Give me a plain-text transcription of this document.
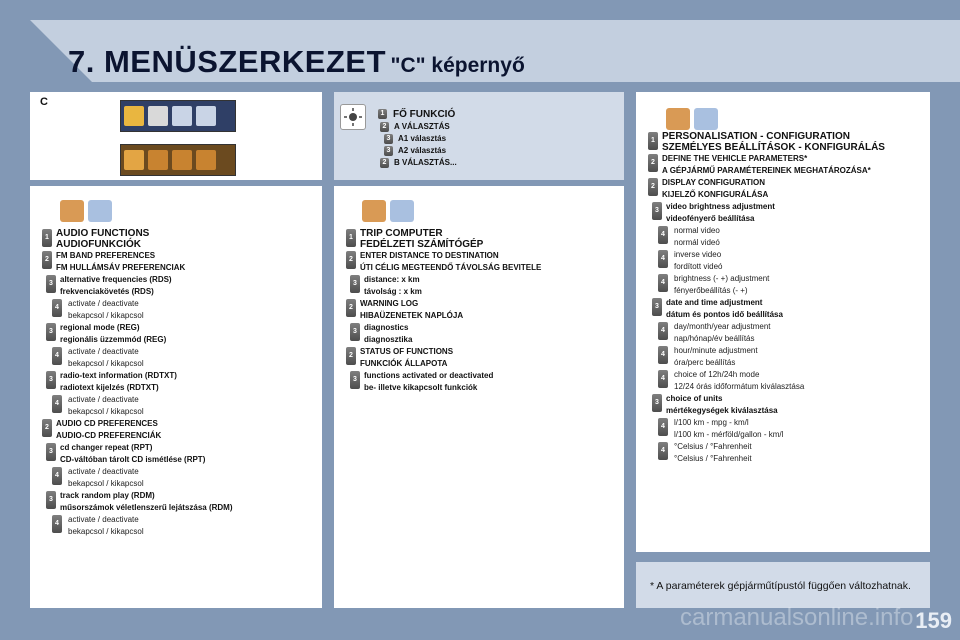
7. MENÜSZERKEZET "C" képernyő
C
1 FŐ FUNKCIÓ
2 A VÁLASZTÁS
3 A1 választás
3 A2 választás
2 B VÁLASZTÁS...
1 AUDIO FUNCTIONS
AUDIOFUNKCIÓK
2 FM BAND PREFERENCES
FM HULLÁMSÁV PREFERENCIAK
3 alternative frequencies (RDS)
frekvenciakövetés (RDS)
4	activate / deactivate
bekapcsol / kikapcsol
3 regional mode (REG)
regionális üzzemmód (REG)
4	activate / deactivate
bekapcsol / kikapcsol
3 radio-text information (RDTXT)
radiotext kijelzés (RDTXT)
4	activate / deactivate
bekapcsol / kikapcsol
2 AUDIO CD PREFERENCES
AUDIO-CD PREFERENCIÁK
3 cd changer repeat (RPT)
CD-váltóban tárolt CD ismétlése (RPT)
4	activate / deactivate
bekapcsol / kikapcsol
3 track random play (RDM)
műsorszámok véletlenszerű lejátszása (RDM)
4	activate / deactivate
bekapcsol / kikapcsol
1 TRIP COMPUTER
FEDÉLZETI SZÁMÍTÓGÉP
2 ENTER DISTANCE TO DESTINATION
ÚTI CÉLIG MEGTEENDŐ TÁVOLSÁG BEVITELE
3 distance: x km
távolság : x km
2 WARNING LOG
HIBAÜZENETEK NAPLÓJA
3 diagnostics
diagnosztika
2 STATUS OF FUNCTIONS
FUNKCIÓK ÁLLAPOTA
3 functions activated or deactivated
be- illetve kikapcsolt funkciók
1 PERSONALISATION - CONFIGURATION
SZEMÉLYES BEÁLLÍTÁSOK - KONFIGURÁLÁS
2 DEFINE THE VEHICLE PARAMETERS*
A GÉPJÁRMŰ PARAMÉTEREINEK MEGHATÁROZÁSA*
2 DISPLAY CONFIGURATION
KIJELZŐ KONFIGURÁLÁSA
3 video brightness adjustment
videofényerő beállítása
4	normal video
normál videó
4	inverse video
fordított videó
4	brightness (- +) adjustment
fényerőbeállítás (- +)
3 date and time adjustment
dátum és pontos idő beállítása
4	day/month/year adjustment
nap/hónap/év beállítás
4	hour/minute adjustment
óra/perc beállítás
4	choice of 12h/24h mode
12/24 órás időformátum kiválasztása
3 choice of units
mértékegységek kiválasztása
4	l/100 km - mpg - km/l
l/100 km - mérföld/gallon - km/l
4	°Celsius / °Fahrenheit
°Celsius / °Fahrenheit
* A paraméterek gépjárműtípustól függően változhatnak.
carmanualsonline.info 159
